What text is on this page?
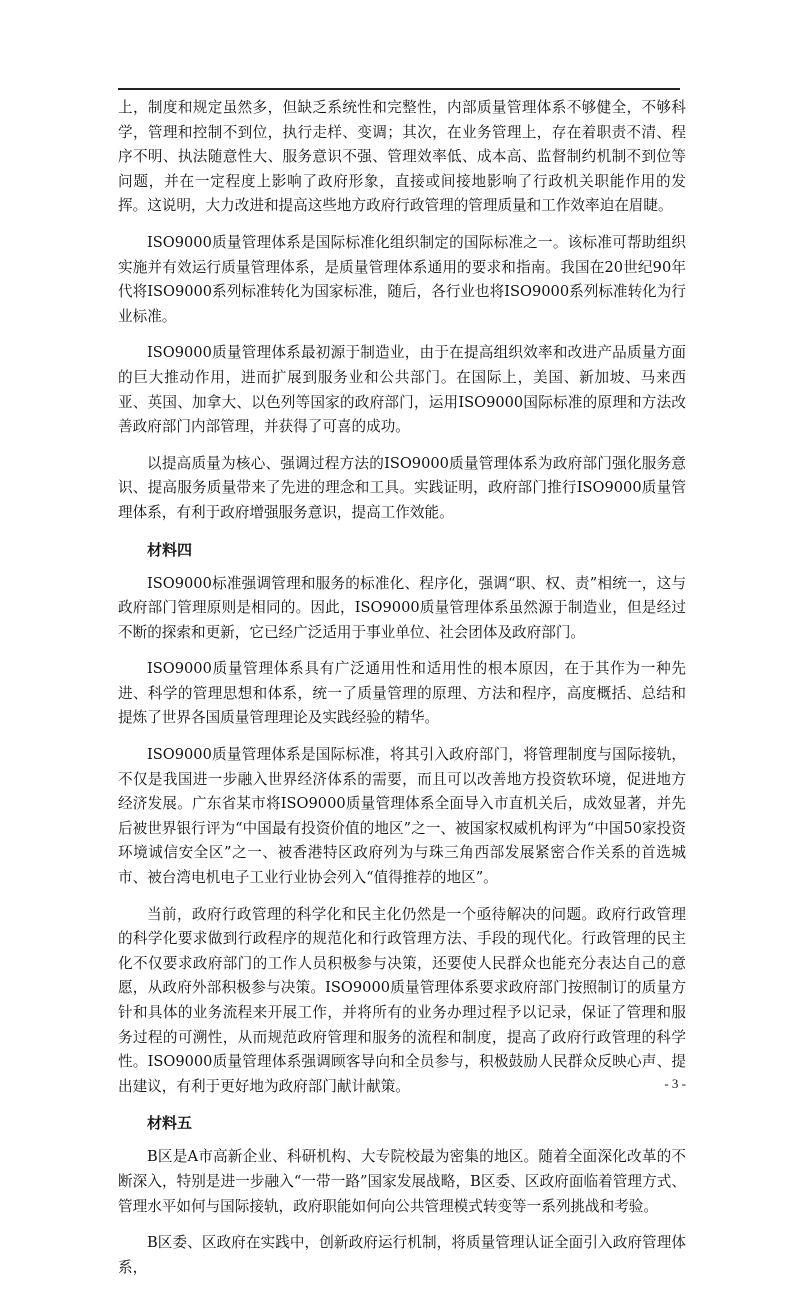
上，制度和规定虽然多，但缺乏系统性和完整性，内部质量管理体系不够健全，不够科学，管理和控制不到位，执行走样、变调；其次，在业务管理上，存在着职责不清、程序不明、执法随意性大、服务意识不强、管理效率低、成本高、监督制约机制不到位等问题，并在一定程度上影响了政府形象，直接或间接地影响了行政机关职能作用的发挥。这说明，大力改进和提高这些地方政府行政管理的管理质量和工作效率迫在眉睫。

ISO9000质量管理体系是国际标准化组织制定的国际标准之一。该标准可帮助组织实施并有效运行质量管理体系，是质量管理体系通用的要求和指南。我国在20世纪90年代将ISO9000系列标准转化为国家标准，随后，各行业也将ISO9000系列标准转化为行业标准。

ISO9000质量管理体系最初源于制造业，由于在提高组织效率和改进产品质量方面的巨大推动作用，进而扩展到服务业和公共部门。在国际上，美国、新加坡、马来西亚、英国、加拿大、以色列等国家的政府部门，运用ISO9000国际标准的原理和方法改善政府部门内部管理，并获得了可喜的成功。

以提高质量为核心、强调过程方法的ISO9000质量管理体系为政府部门强化服务意识、提高服务质量带来了先进的理念和工具。实践证明，政府部门推行ISO9000质量管理体系，有利于政府增强服务意识，提高工作效能。

材料四

ISO9000标准强调管理和服务的标准化、程序化，强调“职、权、责”相统一，这与政府部门管理原则是相同的。因此，ISO9000质量管理体系虽然源于制造业，但是经过不断的探索和更新，它已经广泛适用于事业单位、社会团体及政府部门。

ISO9000质量管理体系具有广泛通用性和适用性的根本原因，在于其作为一种先进、科学的管理思想和体系，统一了质量管理的原理、方法和程序，高度概括、总结和提炼了世界各国质量管理理论及实践经验的精华。

ISO9000质量管理体系是国际标准，将其引入政府部门，将管理制度与国际接轨，不仅是我国进一步融入世界经济体系的需要，而且可以改善地方投资软环境，促进地方经济发展。广东省某市将ISO9000质量管理体系全面导入市直机关后，成效显著，并先后被世界银行评为“中国最有投资价值的地区”之一、被国家权威机构评为“中国50家投资环境诚信安全区”之一、被香港特区政府列为与珠三角西部发展紧密合作关系的首选城市、被台湾电机电子工业行业协会列入“值得推荐的地区”。

当前，政府行政管理的科学化和民主化仍然是一个亟待解决的问题。政府行政管理的科学化要求做到行政程序的规范化和行政管理方法、手段的现代化。行政管理的民主化不仅要求政府部门的工作人员积极参与决策，还要使人民群众也能充分表达自己的意愿，从政府外部积极参与决策。ISO9000质量管理体系要求政府部门按照制订的质量方针和具体的业务流程来开展工作，并将所有的业务办理过程予以记录，保证了管理和服务过程的可溯性，从而规范政府管理和服务的流程和制度，提高了政府行政管理的科学性。ISO9000质量管理体系强调顾客导向和全员参与，积极鼓励人民群众反映心声、提出建议，有利于更好地为政府部门献计献策。

材料五

B区是A市高新企业、科研机构、大专院校最为密集的地区。随着全面深化改革的不断深入，特别是进一步融入“一带一路”国家发展战略，B区委、区政府面临着管理方式、管理水平如何与国际接轨，政府职能如何向公共管理模式转变等一系列挑战和考验。

B区委、区政府在实践中，创新政府运行机制，将质量管理认证全面引入政府管理体系，

- 3 -
